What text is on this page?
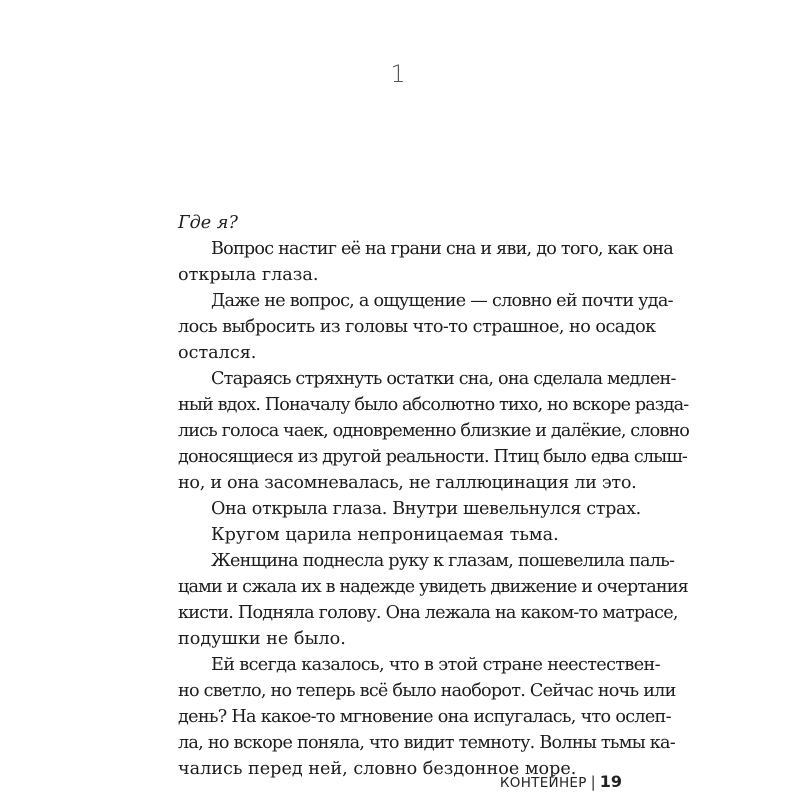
1
Где я?
Вопрос настиг её на грани сна и яви, до того, как она
открыла глаза.
Даже не вопрос, а ощущение — словно ей почти уда-
лось выбросить из головы что-то страшное, но осадок
остался.
Стараясь стряхнуть остатки сна, она сделала медлен-
ный вдох. Поначалу было абсолютно тихо, но вскоре разда-
лись голоса чаек, одновременно близкие и далёкие, словно
доносящиеся из другой реальности. Птиц было едва слыш-
но, и она засомневалась, не галлюцинация ли это.
Она открыла глаза. Внутри шевельнулся страх.
Кругом царила непроницаемая тьма.
Женщина поднесла руку к глазам, пошевелила паль-
цами и сжала их в надежде увидеть движение и очертания
кисти. Подняла голову. Она лежала на каком-то матрасе,
подушки не было.
Ей всегда казалось, что в этой стране неестествен-
но светло, но теперь всё было наоборот. Сейчас ночь или
день? На какое-то мгновение она испугалась, что ослеп-
ла, но вскоре поняла, что видит темноту. Волны тьмы ка-
чались перед ней, словно бездонное море.
КОНТЕЙНЕР | 19
